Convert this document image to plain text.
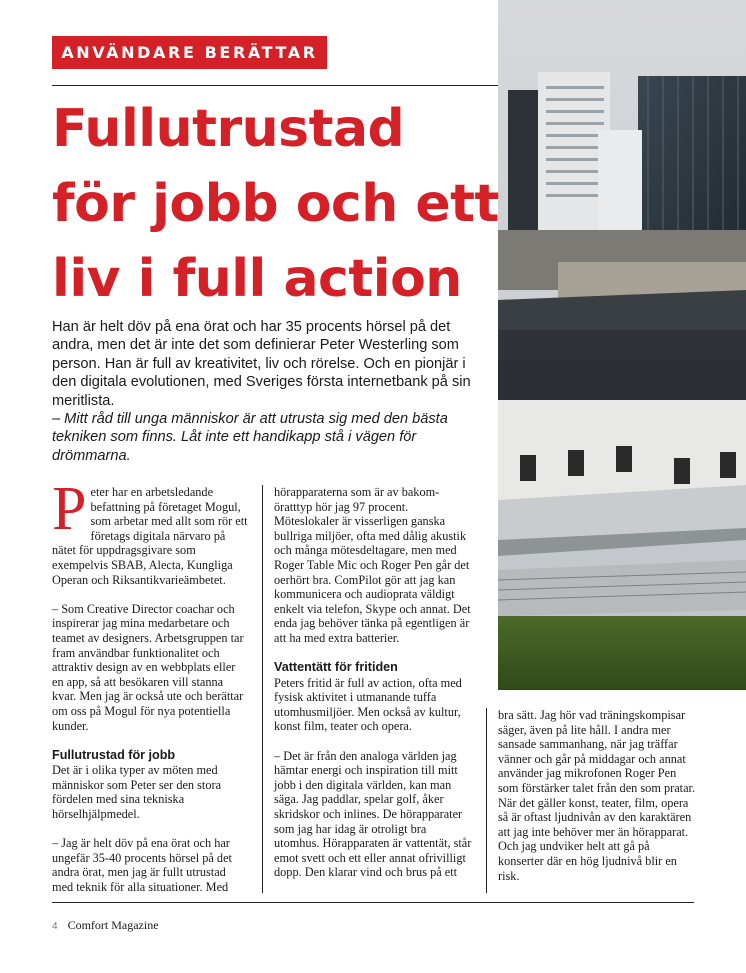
ANVÄNDARE BERÄTTAR
Fullutrustad
för jobb och ett
liv i full action

Han är helt döv på ena örat och har 35 procents hörsel på det andra, men det är inte det som definierar Peter Westerling som person. Han är full av kreativitet, liv och rörelse. Och en pionjär i den digitala evolutionen, med Sveriges första internetbank på sin meritlista.
– Mitt råd till unga människor är att utrusta sig med den bästa tekniken som finns. Låt inte ett handikapp stå i vägen för drömmarna.

Peter har en arbetsledande befattning på företaget Mogul, som arbetar med allt som rör ett företags digitala närvaro på nätet för uppdragsgivare som exempelvis SBAB, Alecta, Kungliga Operan och Riksantikvarieämbetet.

– Som Creative Director coachar och inspirerar jag mina medarbetare och teamet av designers. Arbetsgruppen tar fram användbar funktionalitet och attraktiv design av en webbplats eller en app, så att besökaren vill stanna kvar. Men jag är också ute och berättar om oss på Mogul för nya potentiella kunder.

Fullutrustad för jobb

Det är i olika typer av möten med människor som Peter ser den stora fördelen med sina tekniska hörselhjälpmedel.

– Jag är helt döv på ena örat och har ungefär 35-40 procents hörsel på det andra örat, men jag är fullt utrustad med teknik för alla situationer. Med

hörapparaterna som är av bakom-öratttyp hör jag 97 procent. Möteslokaler är visserligen ganska bullriga miljöer, ofta med dålig akustik och många mötesdeltagare, men med Roger Table Mic och Roger Pen går det oerhört bra. ComPilot gör att jag kan kommunicera och audioprata väldigt enkelt via telefon, Skype och annat. Det enda jag behöver tänka på egentligen är att ha med extra batterier.

Vattentätt för fritiden

Peters fritid är full av action, ofta med fysisk aktivitet i utmanande tuffa utomhusmiljöer. Men också av kultur, konst film, teater och opera.

– Det är från den analoga världen jag hämtar energi och inspiration till mitt jobb i den digitala världen, kan man säga. Jag paddlar, spelar golf, åker skridskor och inlines. De hörapparater som jag har idag är otroligt bra utomhus. Hörapparaten är vattentät, står emot svett och ett eller annat ofrivilligt dopp. Den klarar vind och brus på ett

bra sätt. Jag hör vad träningskompisar säger, även på lite håll. I andra mer sansade sammanhang, när jag träffar vänner och går på middagar och annat använder jag mikrofonen Roger Pen som förstärker talet från den som pratar. När det gäller konst, teater, film, opera så är oftast ljudnivån av den karaktären att jag inte behöver mer än hörapparat. Och jag undviker helt att gå på konserter där en hög ljudnivå blir en risk.

4 Comfort Magazine
